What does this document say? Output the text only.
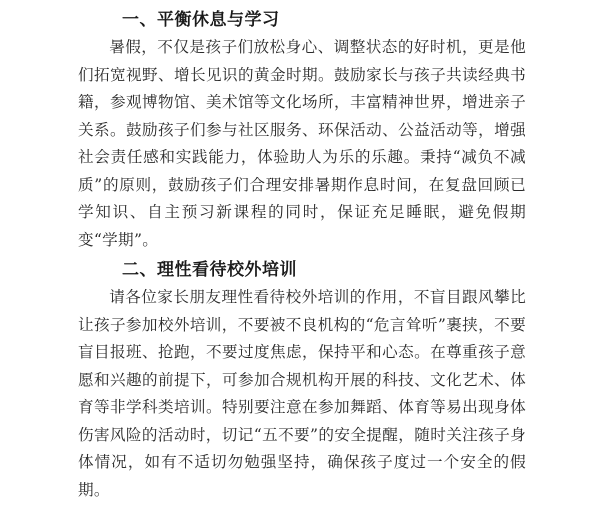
一、平衡休息与学习

暑假，不仅是孩子们放松身心、调整状态的好时机，更是他们拓宽视野、增长见识的黄金时期。鼓励家长与孩子共读经典书籍，参观博物馆、美术馆等文化场所，丰富精神世界，增进亲子关系。鼓励孩子们参与社区服务、环保活动、公益活动等，增强社会责任感和实践能力，体验助人为乐的乐趣。秉持“减负不减质”的原则，鼓励孩子们合理安排暑期作息时间，在复盘回顾已学知识、自主预习新课程的同时，保证充足睡眠，避免假期变“学期”。

二、理性看待校外培训

请各位家长朋友理性看待校外培训的作用，不盲目跟风攀比让孩子参加校外培训，不要被不良机构的“危言耸听”裹挟，不要盲目报班、抢跑，不要过度焦虑，保持平和心态。在尊重孩子意愿和兴趣的前提下，可参加合规机构开展的科技、文化艺术、体育等非学科类培训。特别要注意在参加舞蹈、体育等易出现身体伤害风险的活动时，切记“五不要”的安全提醒，随时关注孩子身体情况，如有不适切勿勉强坚持，确保孩子度过一个安全的假期。
